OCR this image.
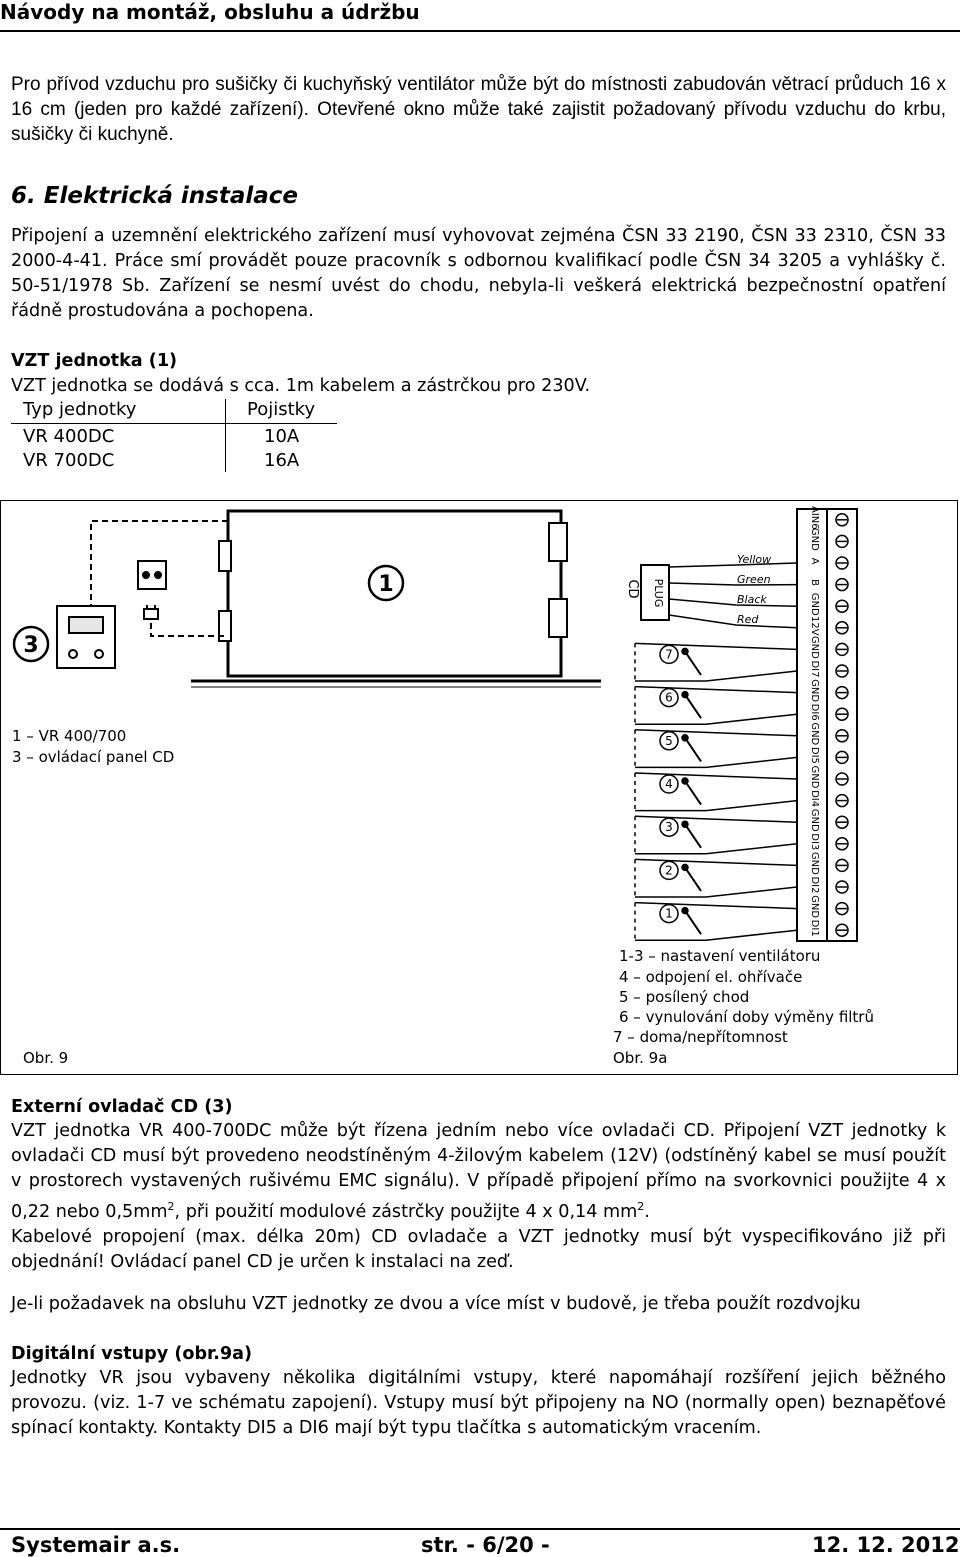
Návody na montáž, obsluhu a údržbu
Pro přívod vzduchu pro sušičky či kuchyňský ventilátor může být do místnosti zabudován větrací průduch 16 x 16 cm (jeden pro každé zařízení). Otevřené okno může také zajistit požadovaný přívodu vzduchu do krbu, sušičky či kuchyně.
6. Elektrická instalace
Připojení a uzemnění elektrického zařízení musí vyhovovat zejména ČSN 33 2190, ČSN 33 2310, ČSN 33 2000-4-41. Práce smí provádět pouze pracovník s odbornou kvalifikací podle ČSN 34 3205 a vyhlášky č. 50-51/1978 Sb. Zařízení se nesmí uvést do chodu, nebyla-li veškerá elektrická bezpečnostní opatření řádně prostudována a pochopena.
VZT jednotka (1)
VZT jednotka se dodává s cca. 1m kabelem a zástrčkou pro 230V.
Typ jednotky	Pojistky
VR 400DC	10A
VR 700DC	16A
1
3
AIN6
GND
A
B
GND
12V
GND
DI7
GND
DI6
GND
DI5
GND
DI4
GND
DI3
GND
DI2
GND
DI1
CD PLUG
Yellow
Green
Black
Red
7
6
5
4
3
2
1
1 – VR 400/700
3 – ovládací panel CD
Obr. 9
1-3 – nastavení ventilátoru
4 – odpojení el. ohřívače
5 – posílený chod
6 – vynulování doby výměny filtrů
7 – doma/nepřítomnost
Obr. 9a
Externí ovladač CD (3)
VZT jednotka VR 400-700DC může být řízena jedním nebo více ovladači CD. Připojení VZT jednotky k ovladači CD musí být provedeno neodstíněným 4-žilovým kabelem (12V) (odstíněný kabel se musí použít v prostorech vystavených rušivému EMC signálu). V případě připojení přímo na svorkovnici použijte 4 x 0,22 nebo $0,5mm^2$, při použití modulové zástrčky použijte 4 x 0,14 $mm^2$.
Kabelové propojení (max. délka 20m) CD ovladače a VZT jednotky musí být vyspecifikováno již při objednání! Ovládací panel CD je určen k instalaci na zeď.
Je-li požadavek na obsluhu VZT jednotky ze dvou a více míst v budově, je třeba použít rozdvojku
Digitální vstupy (obr.9a)
Jednotky VR jsou vybaveny několika digitálními vstupy, které napomáhají rozšíření jejich běžného provozu. (viz. 1-7 ve schématu zapojení). Vstupy musí být připojeny na NO (normally open) beznapěťové spínací kontakty. Kontakty DI5 a DI6 mají být typu tlačítka s automatickým vracením.
Systemair a.s.	str. - 6/20 -	12. 12. 2012
